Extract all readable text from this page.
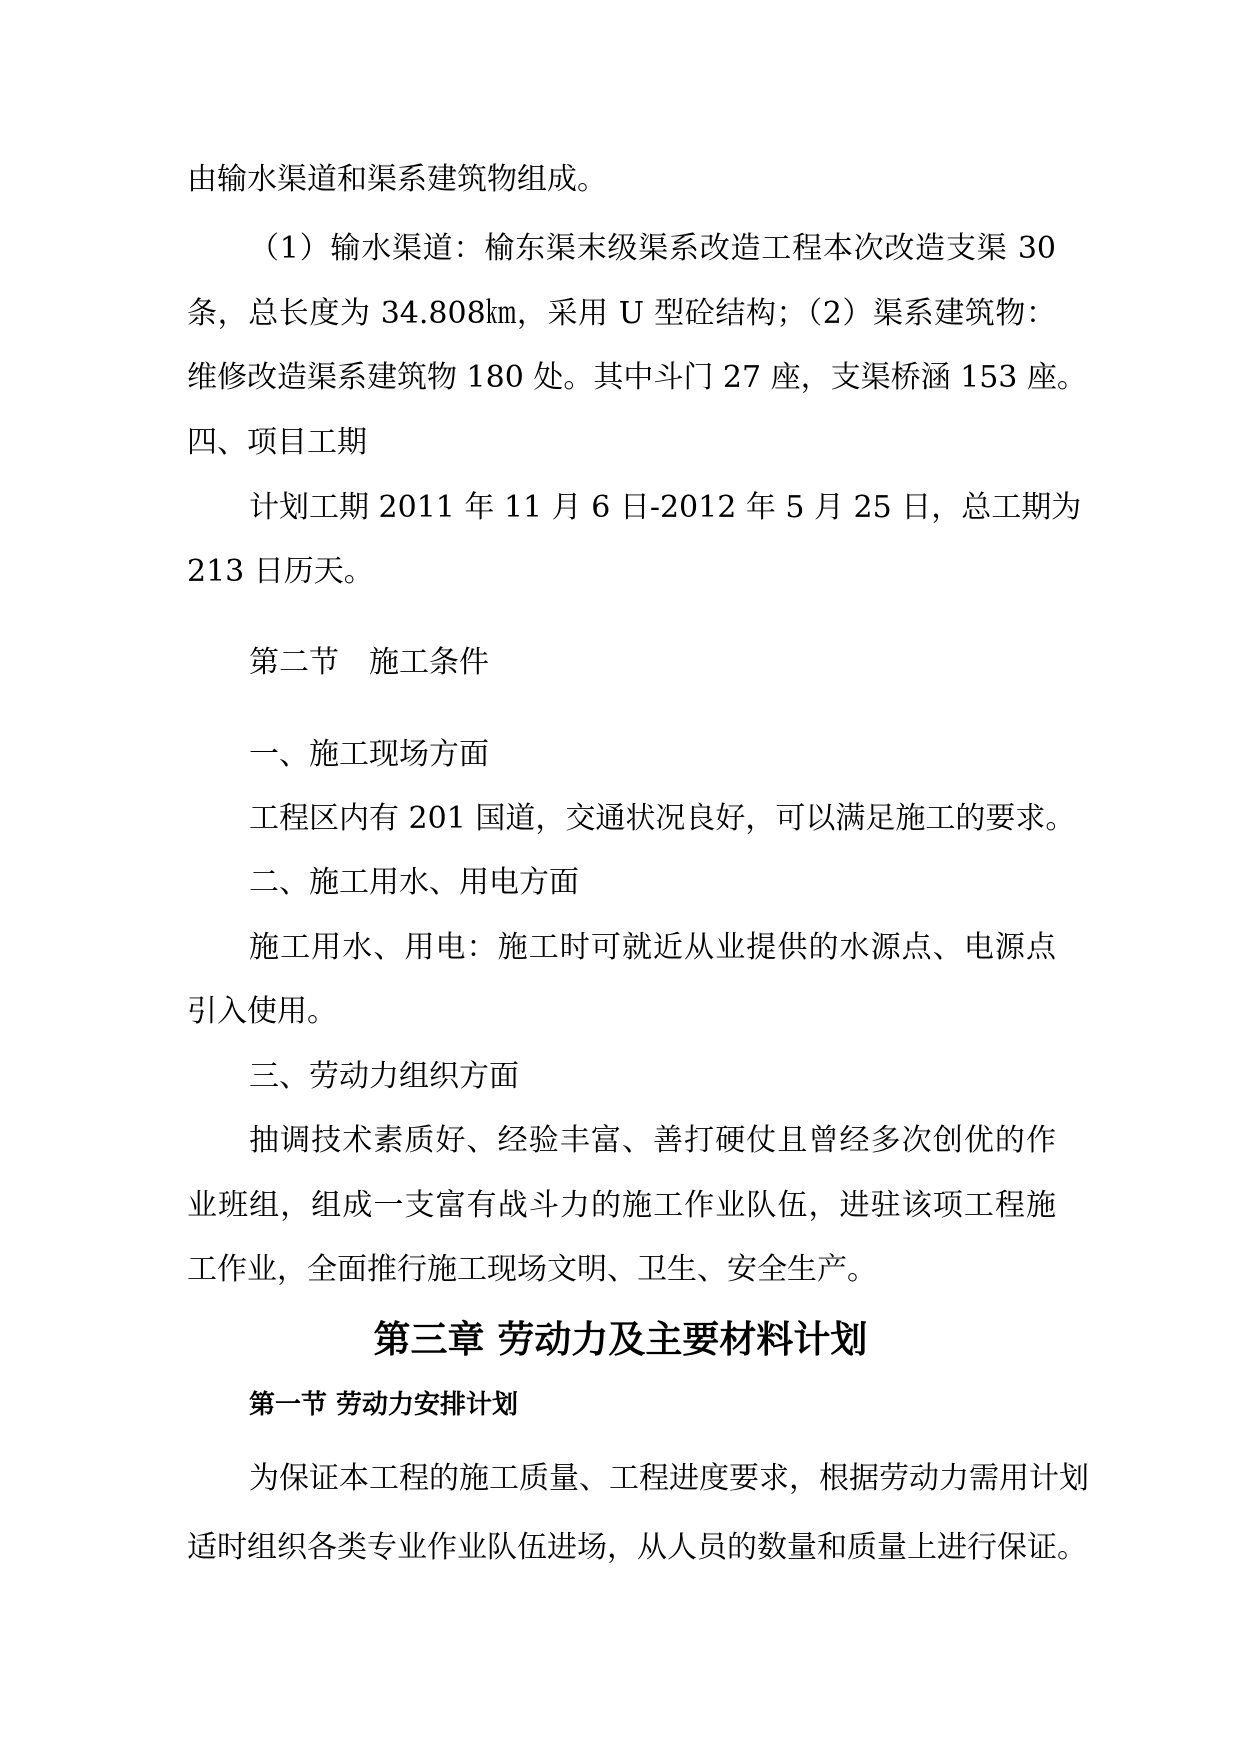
由输水渠道和渠系建筑物组成。

（1）输水渠道：榆东渠末级渠系改造工程本次改造支渠 30

条，总长度为 34.808㎞，采用 U 型砼结构；（2）渠系建筑物：

维修改造渠系建筑物 180 处。其中斗门 27 座，支渠桥涵 153 座。

四、项目工期

计划工期 2011 年 11 月 6 日-2012 年 5 月 25 日，总工期为

213 日历天。

第二节　施工条件

一、施工现场方面

工程区内有 201 国道，交通状况良好，可以满足施工的要求。

二、施工用水、用电方面

施工用水、用电：施工时可就近从业提供的水源点、电源点

引入使用。

三、劳动力组织方面

抽调技术素质好、经验丰富、善打硬仗且曾经多次创优的作

业班组，组成一支富有战斗力的施工作业队伍，进驻该项工程施

工作业，全面推行施工现场文明、卫生、安全生产。

第三章 劳动力及主要材料计划
第一节 劳动力安排计划

为保证本工程的施工质量、工程进度要求，根据劳动力需用计划

适时组织各类专业作业队伍进场，从人员的数量和质量上进行保证。
